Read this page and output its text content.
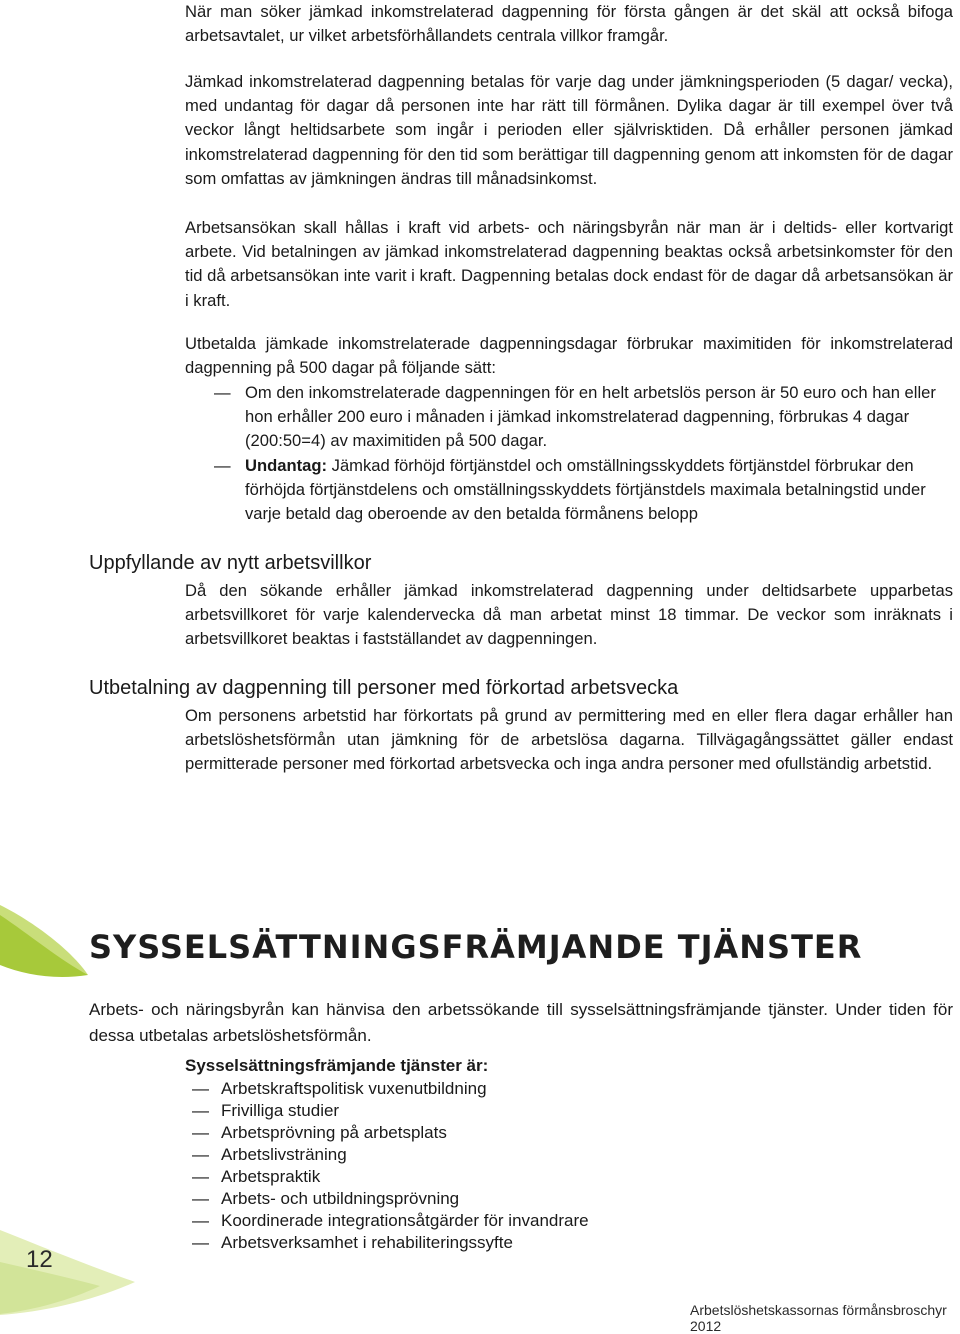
När man söker jämkad inkomstrelaterad dagpenning för första gången är det skäl att också bifoga arbetsavtalet, ur vilket arbetsförhållandets centrala villkor framgår.

Jämkad inkomstrelaterad dagpenning betalas för varje dag under jämkningsperioden (5 dagar/ vecka), med undantag för dagar då personen inte har rätt till förmånen. Dylika dagar är till exempel över två veckor långt heltidsarbete som ingår i perioden eller självrisktiden. Då erhåller personen jämkad inkomstrelaterad dagpenning för den tid som berättigar till dagpenning genom att inkomsten för de dagar som omfattas av jämkningen ändras till månadsinkomst.

Arbetsansökan skall hållas i kraft vid arbets- och näringsbyrån när man är i deltids- eller kortvarigt arbete. Vid betalningen av jämkad inkomstrelaterad dagpenning beaktas också arbetsinkomster för den tid då arbetsansökan inte varit i kraft. Dagpenning betalas dock endast för de dagar då arbetsansökan är i kraft.

Utbetalda jämkade inkomstrelaterade dagpenningsdagar förbrukar maximitiden för inkomstrelaterad dagpenning på 500 dagar på följande sätt:

— Om den inkomstrelaterade dagpenningen för en helt arbetslös person är 50 euro och han eller hon erhåller 200 euro i månaden i jämkad inkomstrelaterad dagpenning, förbrukas 4 dagar (200:50=4) av maximitiden på 500 dagar.
— Undantag: Jämkad förhöjd förtjänstdel och omställningsskyddets förtjänstdel förbrukar den förhöjda förtjänstdelens och omställningsskyddets förtjänstdels maximala betalningstid under varje betald dag oberoende av den betalda förmånens belopp
Uppfyllande av nytt arbetsvillkor

Då den sökande erhåller jämkad inkomstrelaterad dagpenning under deltidsarbete upparbetas arbetsvillkoret för varje kalendervecka då man arbetat minst 18 timmar. De veckor som inräknats i arbetsvillkoret beaktas i fastställandet av dagpenningen.

Utbetalning av dagpenning till personer med förkortad arbetsvecka

Om personens arbetstid har förkortats på grund av permittering med en eller flera dagar erhåller han arbetslöshetsförmån utan jämkning för de arbetslösa dagarna. Tillvägagångssättet gäller endast permitterade personer med förkortad arbetsvecka och inga andra personer med ofullständig arbetstid.

SYSSELSÄTTNINGSFRÄMJANDE TJÄNSTER

Arbets- och näringsbyrån kan hänvisa den arbetssökande till sysselsättningsfrämjande tjänster. Under tiden för dessa utbetalas arbetslöshetsförmån.

Sysselsättningsfrämjande tjänster är:

— Arbetskraftspolitisk vuxenutbildning
— Frivilliga studier
— Arbetsprövning på arbetsplats
— Arbetslivsträning
— Arbetspraktik
— Arbets- och utbildningsprövning
— Koordinerade integrationsåtgärder för invandrare
— Arbetsverksamhet i rehabiliteringssyfte
12
Arbetslöshetskassornas förmånsbroschyr 2012
